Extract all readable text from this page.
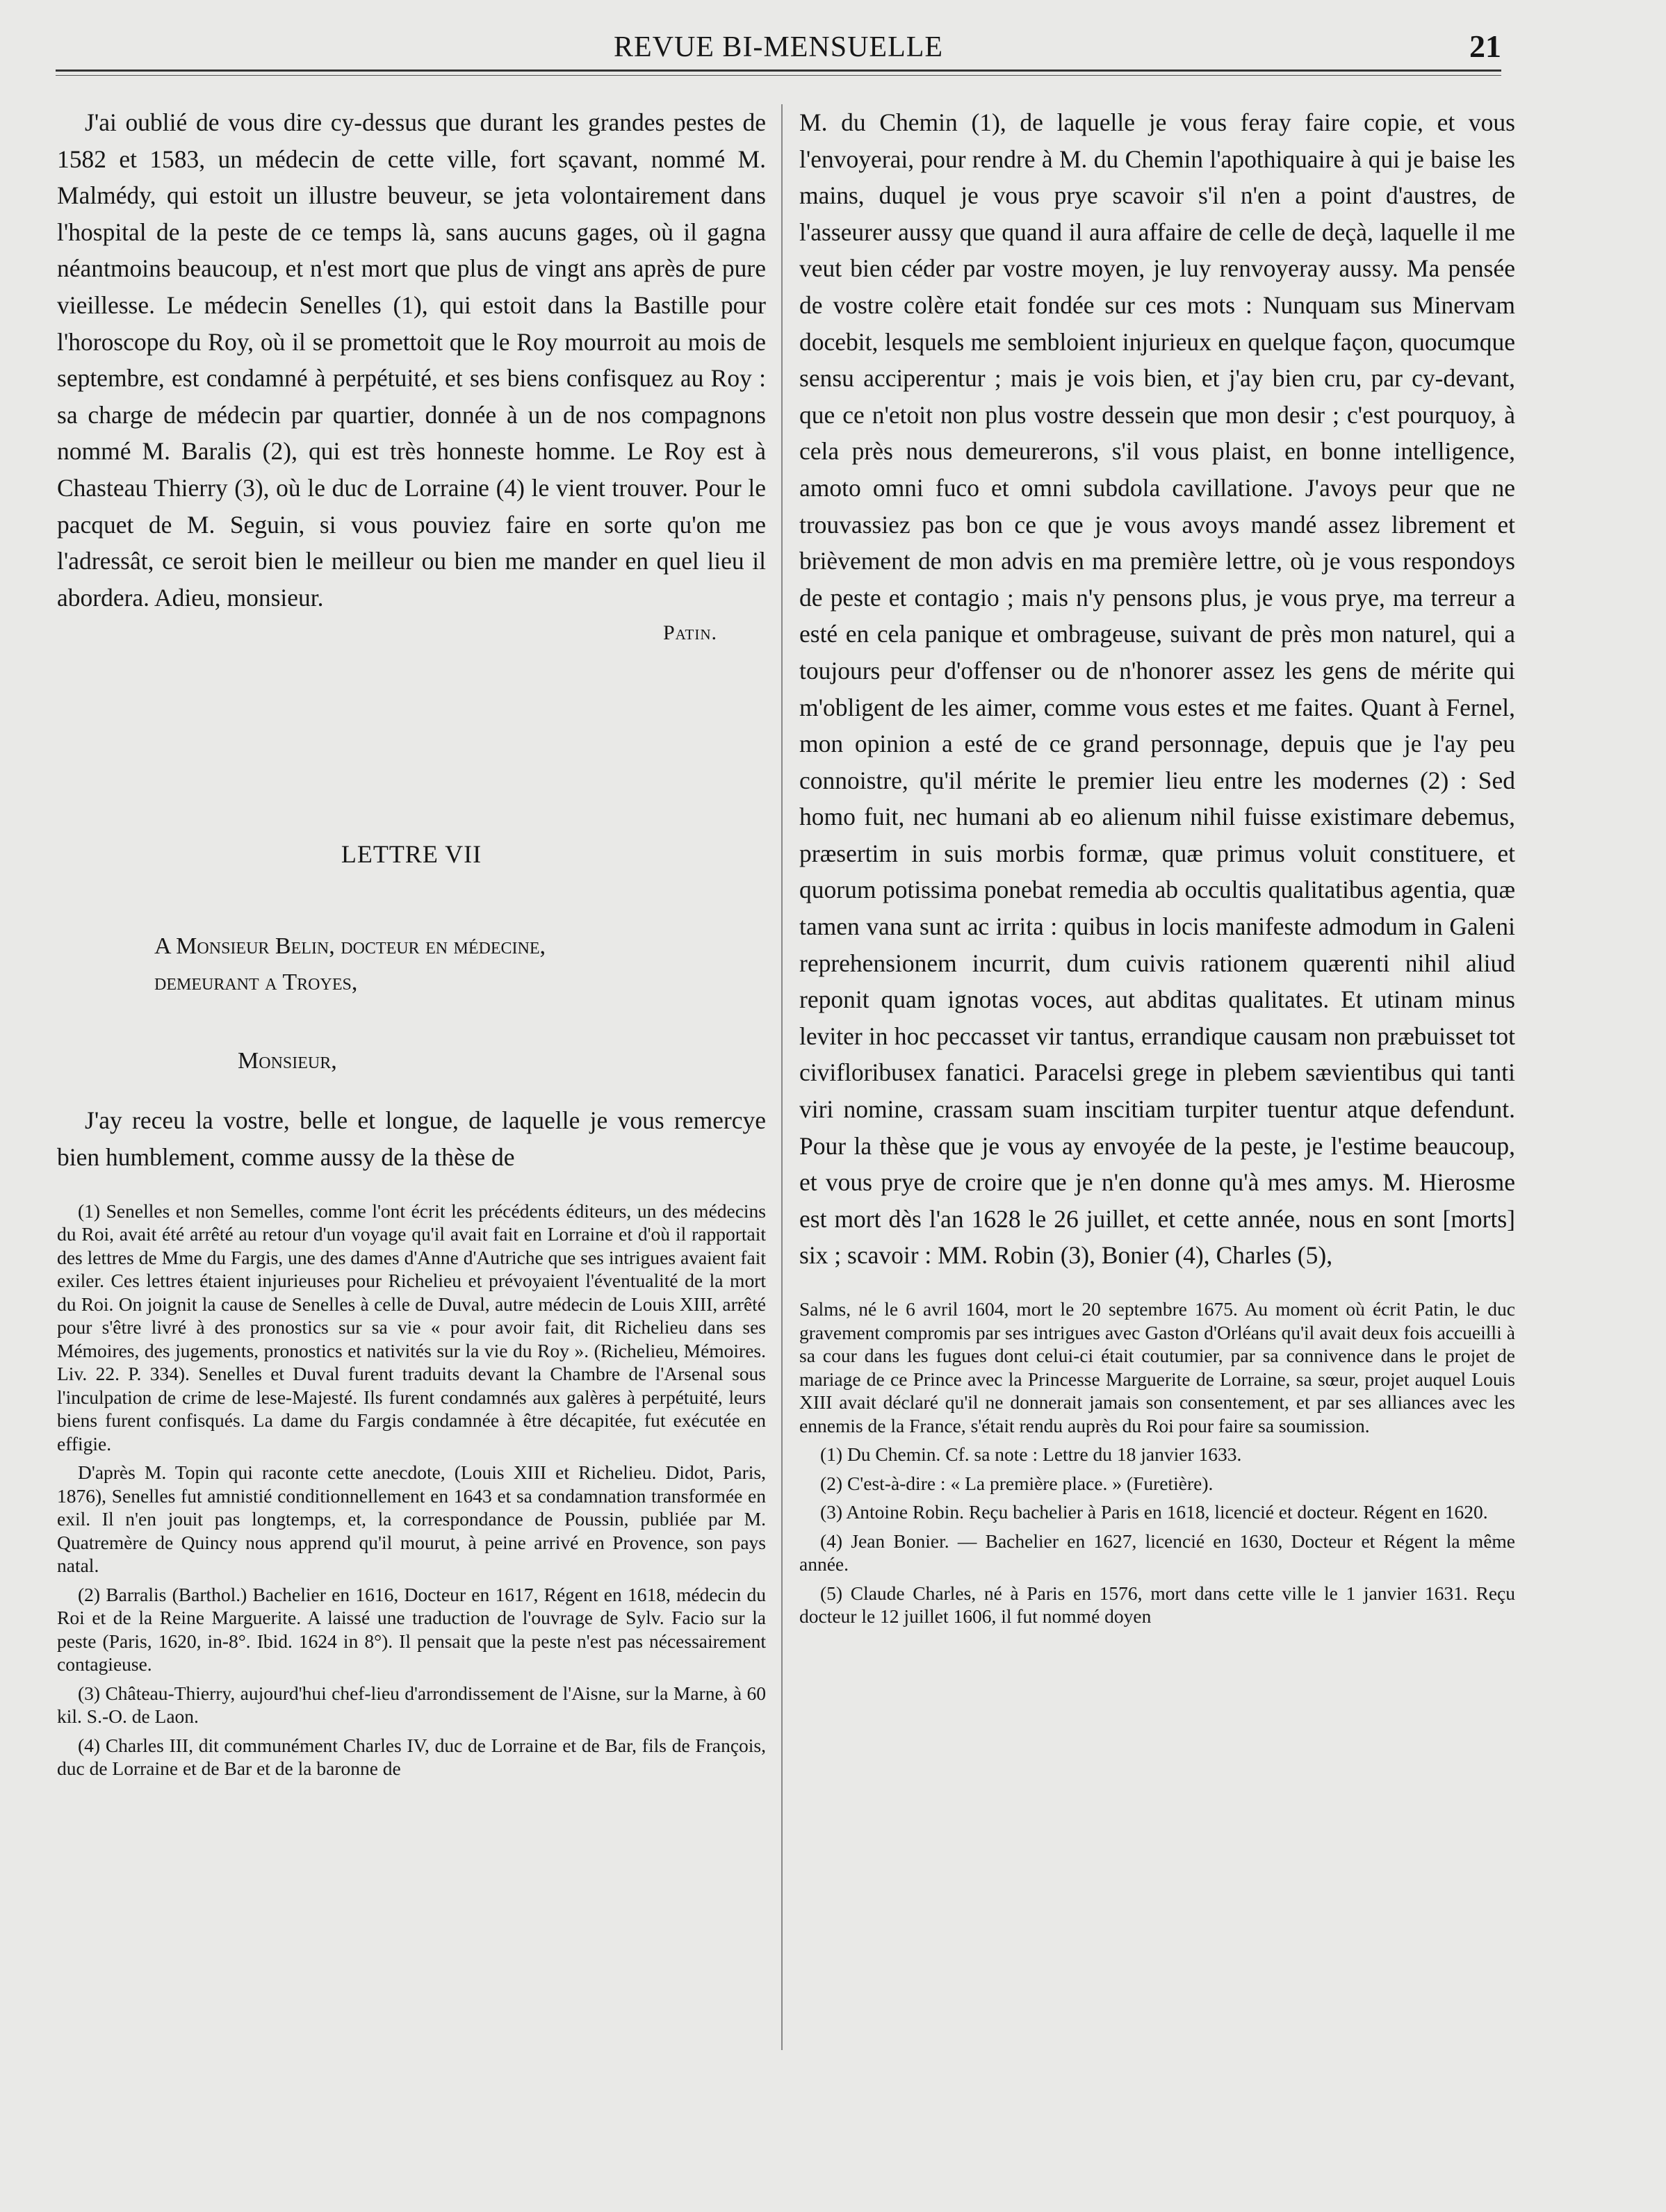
REVUE BI-MENSUELLE	21

J'ai oublié de vous dire cy-dessus que durant les grandes pestes de 1582 et 1583, un médecin de cette ville, fort sçavant, nommé M. Malmédy, qui estoit un illustre beuveur, se jeta volontairement dans l'hospital de la peste de ce temps là, sans aucuns gages, où il gagna néantmoins beaucoup, et n'est mort que plus de vingt ans après de pure vieillesse. Le médecin Senelles (1), qui estoit dans la Bastille pour l'horoscope du Roy, où il se promettoit que le Roy mourroit au mois de septembre, est condamné à perpétuité, et ses biens confisquez au Roy : sa charge de médecin par quartier, donnée à un de nos compagnons nommé M. Baralis (2), qui est très honneste homme. Le Roy est à Chasteau Thierry (3), où le duc de Lorraine (4) le vient trouver. Pour le pacquet de M. Seguin, si vous pouviez faire en sorte qu'on me l'adressât, ce seroit bien le meilleur ou bien me mander en quel lieu il abordera. Adieu, monsieur.

Patin.

LETTRE VII

A Monsieur Belin, docteur en médecine,
demeurant a Troyes,

Monsieur,

J'ay receu la vostre, belle et longue, de laquelle je vous remercye bien humblement, comme aussy de la thèse de

(1) Senelles et non Semelles, comme l'ont écrit les précédents éditeurs, un des médecins du Roi, avait été arrêté au retour d'un voyage qu'il avait fait en Lorraine et d'où il rapportait des lettres de Mme du Fargis, une des dames d'Anne d'Autriche que ses intrigues avaient fait exiler. Ces lettres étaient injurieuses pour Richelieu et prévoyaient l'éventualité de la mort du Roi. On joignit la cause de Senelles à celle de Duval, autre médecin de Louis XIII, arrêté pour s'être livré à des pronostics sur sa vie « pour avoir fait, dit Richelieu dans ses Mémoires, des jugements, pronostics et nativités sur la vie du Roy ». (Richelieu, Mémoires. Liv. 22. P. 334). Senelles et Duval furent traduits devant la Chambre de l'Arsenal sous l'inculpation de crime de lese-Majesté. Ils furent condamnés aux galères à perpétuité, leurs biens furent confisqués. La dame du Fargis condamnée à être décapitée, fut exécutée en effigie.

D'après M. Topin qui raconte cette anecdote, (Louis XIII et Richelieu. Didot, Paris, 1876), Senelles fut amnistié conditionnellement en 1643 et sa condamnation transformée en exil. Il n'en jouit pas longtemps, et, la correspondance de Poussin, publiée par M. Quatremère de Quincy nous apprend qu'il mourut, à peine arrivé en Provence, son pays natal.

(2) Barralis (Barthol.) Bachelier en 1616, Docteur en 1617, Régent en 1618, médecin du Roi et de la Reine Marguerite. A laissé une traduction de l'ouvrage de Sylv. Facio sur la peste (Paris, 1620, in-8°. Ibid. 1624 in 8°). Il pensait que la peste n'est pas nécessairement contagieuse.

(3) Château-Thierry, aujourd'hui chef-lieu d'arrondissement de l'Aisne, sur la Marne, à 60 kil. S.-O. de Laon.

(4) Charles III, dit communément Charles IV, duc de Lorraine et de Bar, fils de François, duc de Lorraine et de Bar et de la baronne de

M. du Chemin (1), de laquelle je vous feray faire copie, et vous l'envoyerai, pour rendre à M. du Chemin l'apothiquaire à qui je baise les mains, duquel je vous prye scavoir s'il n'en a point d'austres, de l'asseurer aussy que quand il aura affaire de celle de deçà, laquelle il me veut bien céder par vostre moyen, je luy renvoyeray aussy. Ma pensée de vostre colère etait fondée sur ces mots : Nunquam sus Minervam docebit, lesquels me sembloient injurieux en quelque façon, quocumque sensu acciperentur ; mais je vois bien, et j'ay bien cru, par cy-devant, que ce n'etoit non plus vostre dessein que mon desir ; c'est pourquoy, à cela près nous demeurerons, s'il vous plaist, en bonne intelligence, amoto omni fuco et omni subdola cavillatione. J'avoys peur que ne trouvassiez pas bon ce que je vous avoys mandé assez librement et brièvement de mon advis en ma première lettre, où je vous respondoys de peste et contagio ; mais n'y pensons plus, je vous prye, ma terreur a esté en cela panique et ombrageuse, suivant de près mon naturel, qui a toujours peur d'offenser ou de n'honorer assez les gens de mérite qui m'obligent de les aimer, comme vous estes et me faites. Quant à Fernel, mon opinion a esté de ce grand personnage, depuis que je l'ay peu connoistre, qu'il mérite le premier lieu entre les modernes (2) : Sed homo fuit, nec humani ab eo alienum nihil fuisse existimare debemus, præsertim in suis morbis formæ, quæ primus voluit constituere, et quorum potissima ponebat remedia ab occultis qualitatibus agentia, quæ tamen vana sunt ac irrita : quibus in locis manifeste admodum in Galeni reprehensionem incurrit, dum cuivis rationem quærenti nihil aliud reponit quam ignotas voces, aut abditas qualitates. Et utinam minus leviter in hoc peccasset vir tantus, errandique causam non præbuisset tot civifloribusex fanatici. Paracelsi grege in plebem sævientibus qui tanti viri nomine, crassam suam inscitiam turpiter tuentur atque defendunt. Pour la thèse que je vous ay envoyée de la peste, je l'estime beaucoup, et vous prye de croire que je n'en donne qu'à mes amys. M. Hierosme est mort dès l'an 1628 le 26 juillet, et cette année, nous en sont [morts] six ; scavoir : MM. Robin (3), Bonier (4), Charles (5),

Salms, né le 6 avril 1604, mort le 20 septembre 1675. Au moment où écrit Patin, le duc gravement compromis par ses intrigues avec Gaston d'Orléans qu'il avait deux fois accueilli à sa cour dans les fugues dont celui-ci était coutumier, par sa connivence dans le projet de mariage de ce Prince avec la Princesse Marguerite de Lorraine, sa sœur, projet auquel Louis XIII avait déclaré qu'il ne donnerait jamais son consentement, et par ses alliances avec les ennemis de la France, s'était rendu auprès du Roi pour faire sa soumission.

(1) Du Chemin. Cf. sa note : Lettre du 18 janvier 1633.

(2) C'est-à-dire : « La première place. » (Furetière).

(3) Antoine Robin. Reçu bachelier à Paris en 1618, licencié et docteur. Régent en 1620.

(4) Jean Bonier. — Bachelier en 1627, licencié en 1630, Docteur et Régent la même année.

(5) Claude Charles, né à Paris en 1576, mort dans cette ville le 1 janvier 1631. Reçu docteur le 12 juillet 1606, il fut nommé doyen
